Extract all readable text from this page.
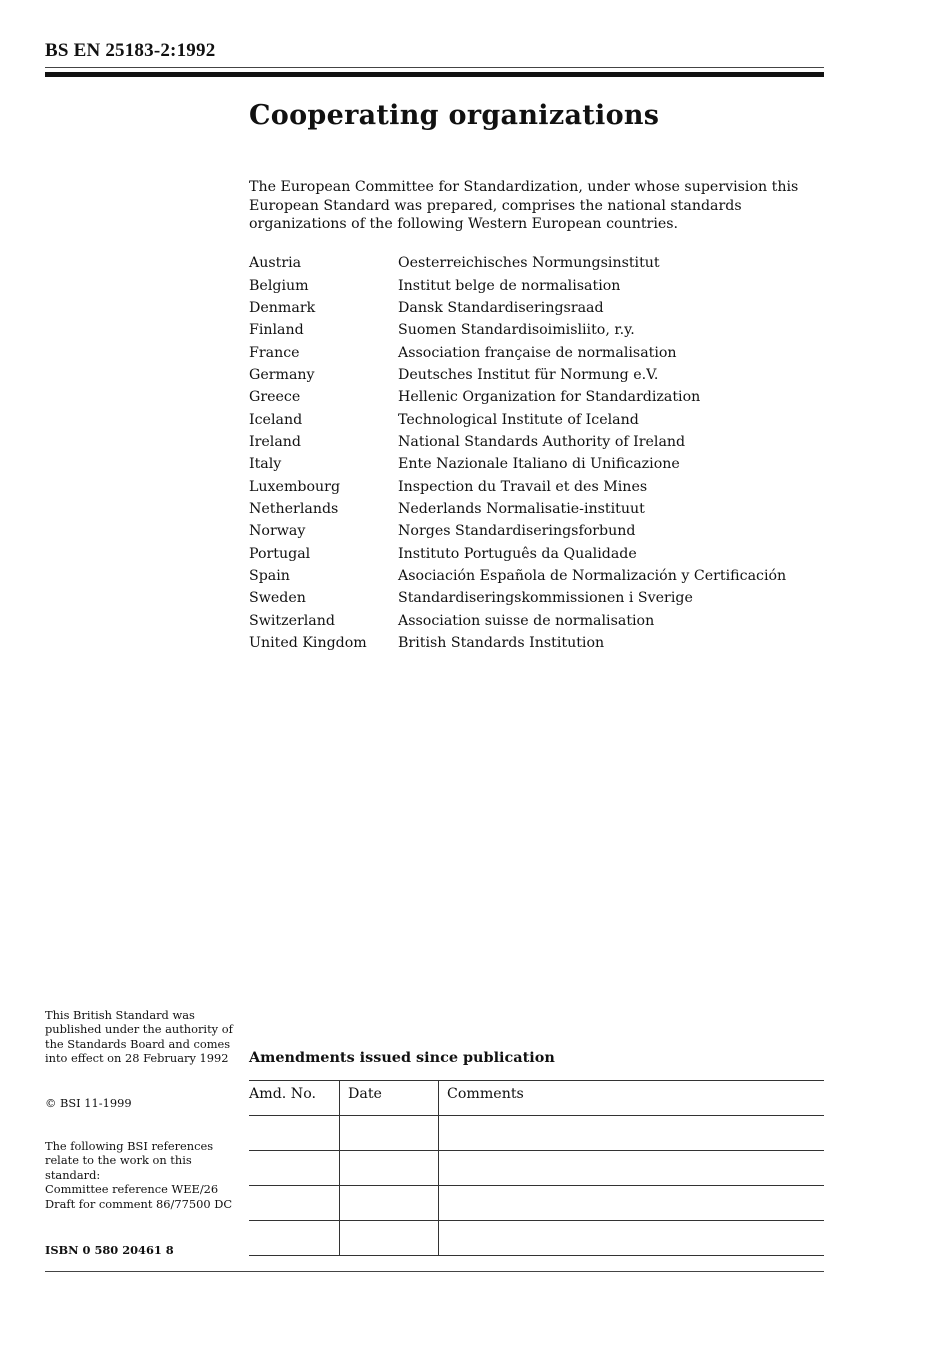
BS EN 25183-2:1992
Cooperating organizations

The European Committee for Standardization, under whose supervision this European Standard was prepared, comprises the national standards organizations of the following Western European countries.

Austria	Oesterreichisches Normungsinstitut
Belgium	Institut belge de normalisation
Denmark	Dansk Standardiseringsraad
Finland	Suomen Standardisoimisliito, r.y.
France	Association française de normalisation
Germany	Deutsches Institut für Normung e.V.
Greece	Hellenic Organization for Standardization
Iceland	Technological Institute of Iceland
Ireland	National Standards Authority of Ireland
Italy	Ente Nazionale Italiano di Unificazione
Luxembourg	Inspection du Travail et des Mines
Netherlands	Nederlands Normalisatie-instituut
Norway	Norges Standardiseringsforbund
Portugal	Instituto Português da Qualidade
Spain	Asociación Española de Normalización y Certificación
Sweden	Standardiseringskommissionen i Sverige
Switzerland	Association suisse de normalisation
United Kingdom	British Standards Institution

This British Standard was published under the authority of the Standards Board and comes into effect on 28 February 1992

© BSI 11-1999

The following BSI references relate to the work on this standard:
Committee reference WEE/26
Draft for comment 86/77500 DC

ISBN 0 580 20461 8

Amendments issued since publication
Amd. No.	Date	Comments
